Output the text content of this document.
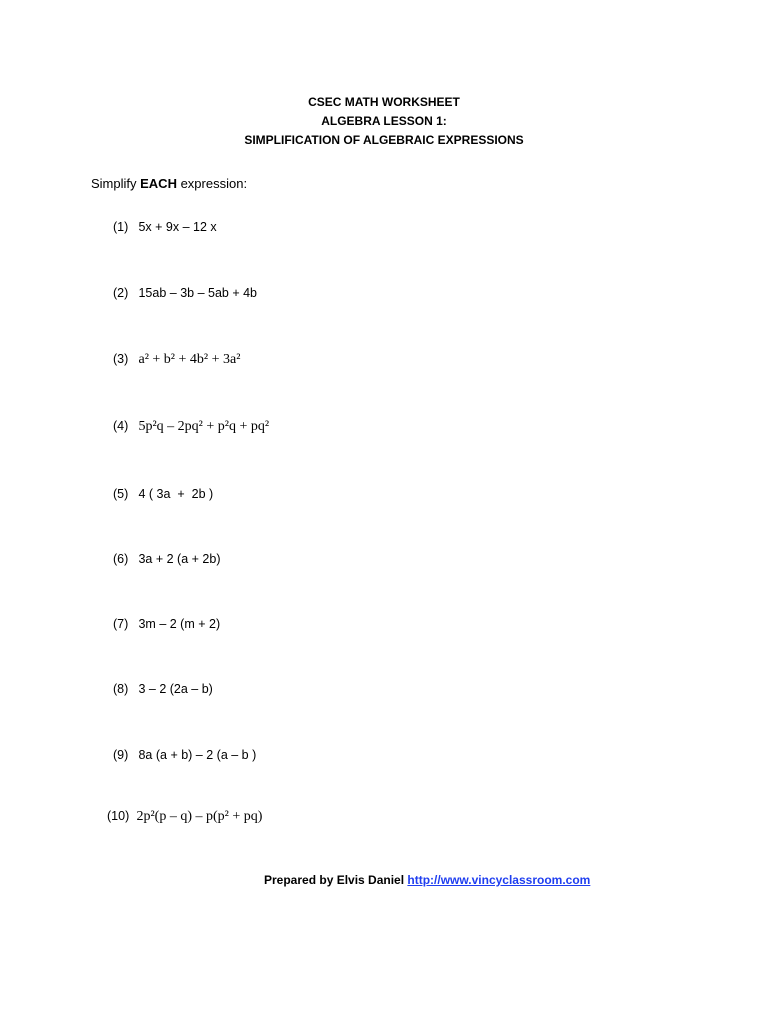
CSEC MATH WORKSHEET
ALGEBRA LESSON 1:
SIMPLIFICATION OF ALGEBRAIC EXPRESSIONS
Simplify EACH expression:
(1) 5x + 9x – 12 x
(2) 15ab – 3b – 5ab + 4b
(3) a² + b² + 4b² + 3a²
(4) 5p²q – 2pq² + p²q + pq²
(5) 4 ( 3a  +  2b )
(6) 3a + 2 (a + 2b)
(7) 3m – 2 (m + 2)
(8) 3 – 2 (2a – b)
(9) 8a (a + b) – 2 (a – b )
(10) 2p²(p – q) – p(p² + pq)
Prepared by Elvis Daniel http://www.vincyclassroom.com
